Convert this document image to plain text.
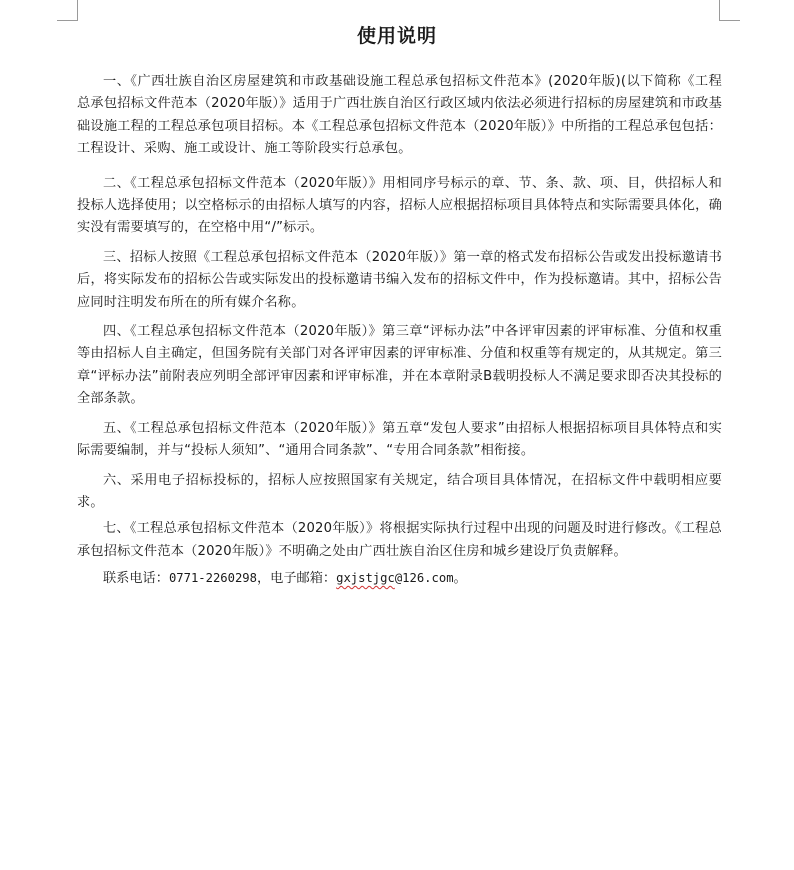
使用说明

一、《广西壮族自治区房屋建筑和市政基础设施工程总承包招标文件范本》(2020年版)(以下简称《工程总承包招标文件范本（2020年版）》适用于广西壮族自治区行政区域内依法必须进行招标的房屋建筑和市政基础设施工程的工程总承包项目招标。本《工程总承包招标文件范本（2020年版）》中所指的工程总承包包括：工程设计、采购、施工或设计、施工等阶段实行总承包。

二、《工程总承包招标文件范本（2020年版）》用相同序号标示的章、节、条、款、项、目，供招标人和投标人选择使用；以空格标示的由招标人填写的内容，招标人应根据招标项目具体特点和实际需要具体化，确实没有需要填写的，在空格中用“/”标示。

三、招标人按照《工程总承包招标文件范本（2020年版）》第一章的格式发布招标公告或发出投标邀请书后，将实际发布的招标公告或实际发出的投标邀请书编入发布的招标文件中，作为投标邀请。其中，招标公告应同时注明发布所在的所有媒介名称。

四、《工程总承包招标文件范本（2020年版）》第三章“评标办法”中各评审因素的评审标准、分值和权重等由招标人自主确定，但国务院有关部门对各评审因素的评审标准、分值和权重等有规定的，从其规定。第三章“评标办法”前附表应列明全部评审因素和评审标准，并在本章附录B载明投标人不满足要求即否决其投标的全部条款。

五、《工程总承包招标文件范本（2020年版）》第五章“发包人要求”由招标人根据招标项目具体特点和实际需要编制，并与“投标人须知”、“通用合同条款”、“专用合同条款”相衔接。

六、采用电子招标投标的，招标人应按照国家有关规定，结合项目具体情况，在招标文件中载明相应要求。

七、《工程总承包招标文件范本（2020年版）》将根据实际执行过程中出现的问题及时进行修改。《工程总承包招标文件范本（2020年版）》不明确之处由广西壮族自治区住房和城乡建设厅负责解释。

联系电话：0771-2260298，电子邮箱：gxjstjgc@126.com。
